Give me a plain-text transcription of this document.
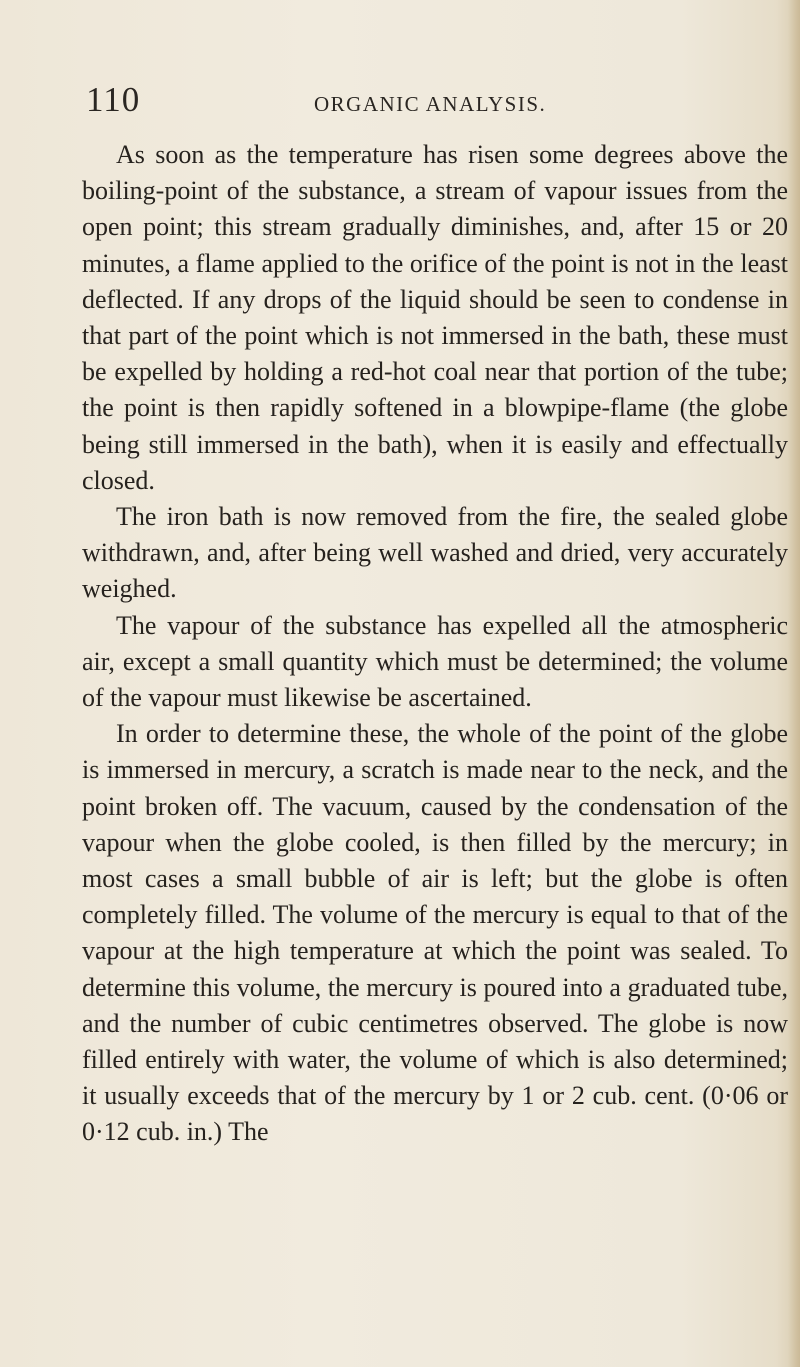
110	ORGANIC ANALYSIS.

As soon as the temperature has risen some degrees above the boiling-point of the substance, a stream of vapour issues from the open point; this stream gradually diminishes, and, after 15 or 20 minutes, a flame applied to the orifice of the point is not in the least deflected. If any drops of the liquid should be seen to condense in that part of the point which is not immersed in the bath, these must be expelled by holding a red-hot coal near that portion of the tube; the point is then rapidly softened in a blowpipe-flame (the globe being still immersed in the bath), when it is easily and effectually closed.

The iron bath is now removed from the fire, the sealed globe withdrawn, and, after being well washed and dried, very accurately weighed.

The vapour of the substance has expelled all the atmospheric air, except a small quantity which must be determined; the volume of the vapour must likewise be ascertained.

In order to determine these, the whole of the point of the globe is immersed in mercury, a scratch is made near to the neck, and the point broken off. The vacuum, caused by the condensation of the vapour when the globe cooled, is then filled by the mercury; in most cases a small bubble of air is left; but the globe is often completely filled. The volume of the mercury is equal to that of the vapour at the high temperature at which the point was sealed. To determine this volume, the mercury is poured into a graduated tube, and the number of cubic centimetres observed. The globe is now filled entirely with water, the volume of which is also determined; it usually exceeds that of the mercury by 1 or 2 cub. cent. (0·06 or 0·12 cub. in.) The
